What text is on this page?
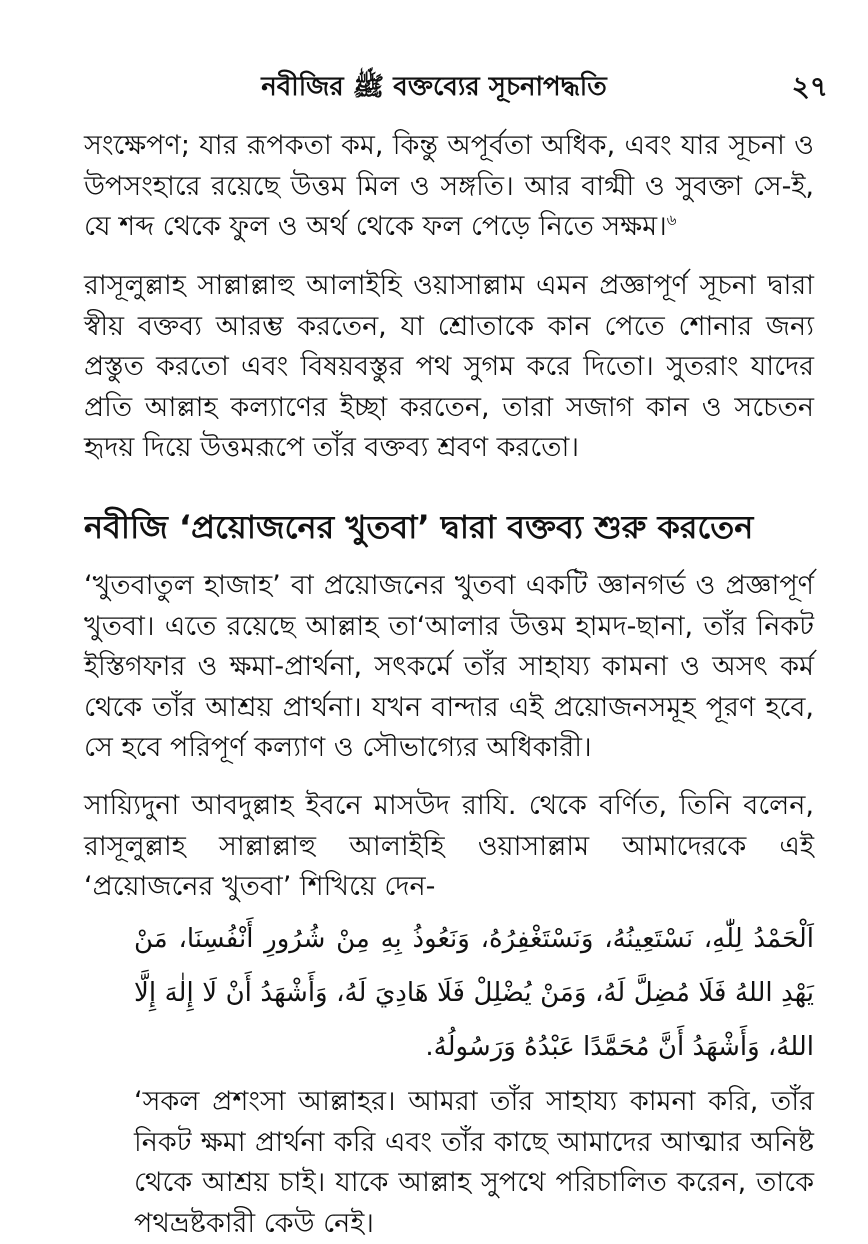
নবীজির ﷺ বক্তব্যের সূচনাপদ্ধতি	২৭

সংক্ষেপণ; যার রূপকতা কম, কিন্তু অপূর্বতা অধিক, এবং যার সূচনা ও উপসংহারে রয়েছে উত্তম মিল ও সঙ্গতি। আর বাগ্মী ও সুবক্তা সে-ই, যে শব্দ থেকে ফুল ও অর্থ থেকে ফল পেড়ে নিতে সক্ষম।$^৬$

রাসূলুল্লাহ সাল্লাল্লাহু আলাইহি ওয়াসাল্লাম এমন প্রজ্ঞাপূর্ণ সূচনা দ্বারা স্বীয় বক্তব্য আরম্ভ করতেন, যা শ্রোতাকে কান পেতে শোনার জন্য প্রস্তুত করতো এবং বিষয়বস্তুর পথ সুগম করে দিতো। সুতরাং যাদের প্রতি আল্লাহ কল্যাণের ইচ্ছা করতেন, তারা সজাগ কান ও সচেতন হৃদয় দিয়ে উত্তমরূপে তাঁর বক্তব্য শ্রবণ করতো।

নবীজি ‘প্রয়োজনের খুতবা’ দ্বারা বক্তব্য শুরু করতেন

‘খুতবাতুল হাজাহ’ বা প্রয়োজনের খুতবা একটি জ্ঞানগর্ভ ও প্রজ্ঞাপূর্ণ খুতবা। এতে রয়েছে আল্লাহ তা‘আলার উত্তম হামদ-ছানা, তাঁর নিকট ইস্তিগফার ও ক্ষমা-প্রার্থনা, সৎকর্মে তাঁর সাহায্য কামনা ও অসৎ কর্ম থেকে তাঁর আশ্রয় প্রার্থনা। যখন বান্দার এই প্রয়োজনসমূহ পূরণ হবে, সে হবে পরিপূর্ণ কল্যাণ ও সৌভাগ্যের অধিকারী।

সায়্যিদুনা আবদুল্লাহ ইবনে মাসউদ রাযি. থেকে বর্ণিত, তিনি বলেন, রাসূলুল্লাহ সাল্লাল্লাহু আলাইহি ওয়াসাল্লাম আমাদেরকে এই ‘প্রয়োজনের খুতবা’ শিখিয়ে দেন-

اَلْحَمْدُ لِلّٰهِ، نَسْتَعِينُهُ، وَنَسْتَغْفِرُهُ، وَنَعُوذُ بِهِ مِنْ شُرُورِ أَنْفُسِنَا، مَنْ يَهْدِ اللهُ فَلَا مُضِلَّ لَهُ، وَمَنْ يُضْلِلْ فَلَا هَادِيَ لَهُ، وَأَشْهَدُ أَنْ لَا إِلٰهَ إِلَّا اللهُ، وَأَشْهَدُ أَنَّ مُحَمَّدًا عَبْدُهُ وَرَسُولُهُ.

‘সকল প্রশংসা আল্লাহর। আমরা তাঁর সাহায্য কামনা করি, তাঁর নিকট ক্ষমা প্রার্থনা করি এবং তাঁর কাছে আমাদের আত্মার অনিষ্ট থেকে আশ্রয় চাই। যাকে আল্লাহ সুপথে পরিচালিত করেন, তাকে পথভ্রষ্টকারী কেউ নেই।
